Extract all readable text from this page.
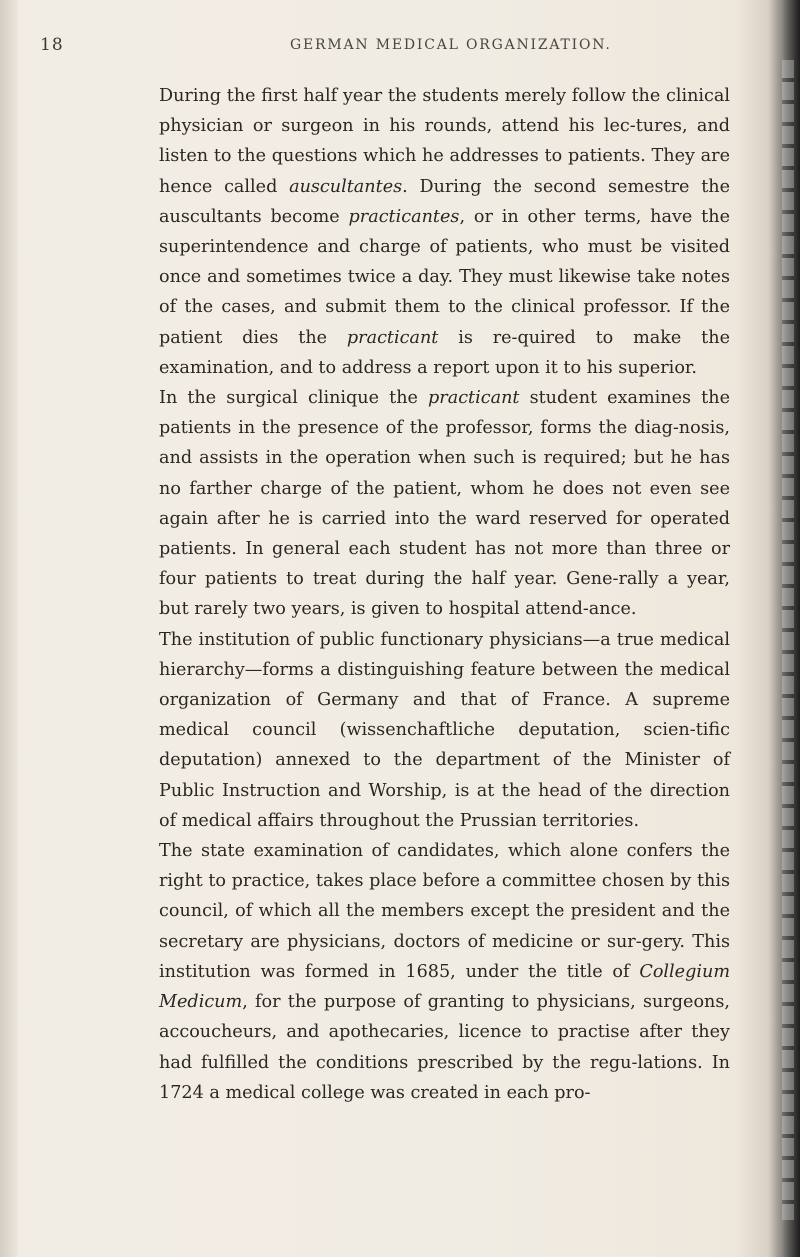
18	GERMAN MEDICAL ORGANIZATION.

During the first half year the students merely follow the clinical physician or surgeon in his rounds, attend his lec-tures, and listen to the questions which he addresses to patients. They are hence called auscultantes. During the second semestre the auscultants become practicantes, or in other terms, have the superintendence and charge of patients, who must be visited once and sometimes twice a day. They must likewise take notes of the cases, and submit them to the clinical professor. If the patient dies the practicant is re-quired to make the examination, and to address a report upon it to his superior.

In the surgical clinique the practicant student examines the patients in the presence of the professor, forms the diag-nosis, and assists in the operation when such is required; but he has no farther charge of the patient, whom he does not even see again after he is carried into the ward reserved for operated patients. In general each student has not more than three or four patients to treat during the half year. Gene-rally a year, but rarely two years, is given to hospital attend-ance.

The institution of public functionary physicians—a true medical hierarchy—forms a distinguishing feature between the medical organization of Germany and that of France. A supreme medical council (wissenchaftliche deputation, scien-tific deputation) annexed to the department of the Minister of Public Instruction and Worship, is at the head of the direction of medical affairs throughout the Prussian territories.

The state examination of candidates, which alone confers the right to practice, takes place before a committee chosen by this council, of which all the members except the president and the secretary are physicians, doctors of medicine or sur-gery. This institution was formed in 1685, under the title of Collegium Medicum, for the purpose of granting to physicians, surgeons, accoucheurs, and apothecaries, licence to practise after they had fulfilled the conditions prescribed by the regu-lations. In 1724 a medical college was created in each pro-
